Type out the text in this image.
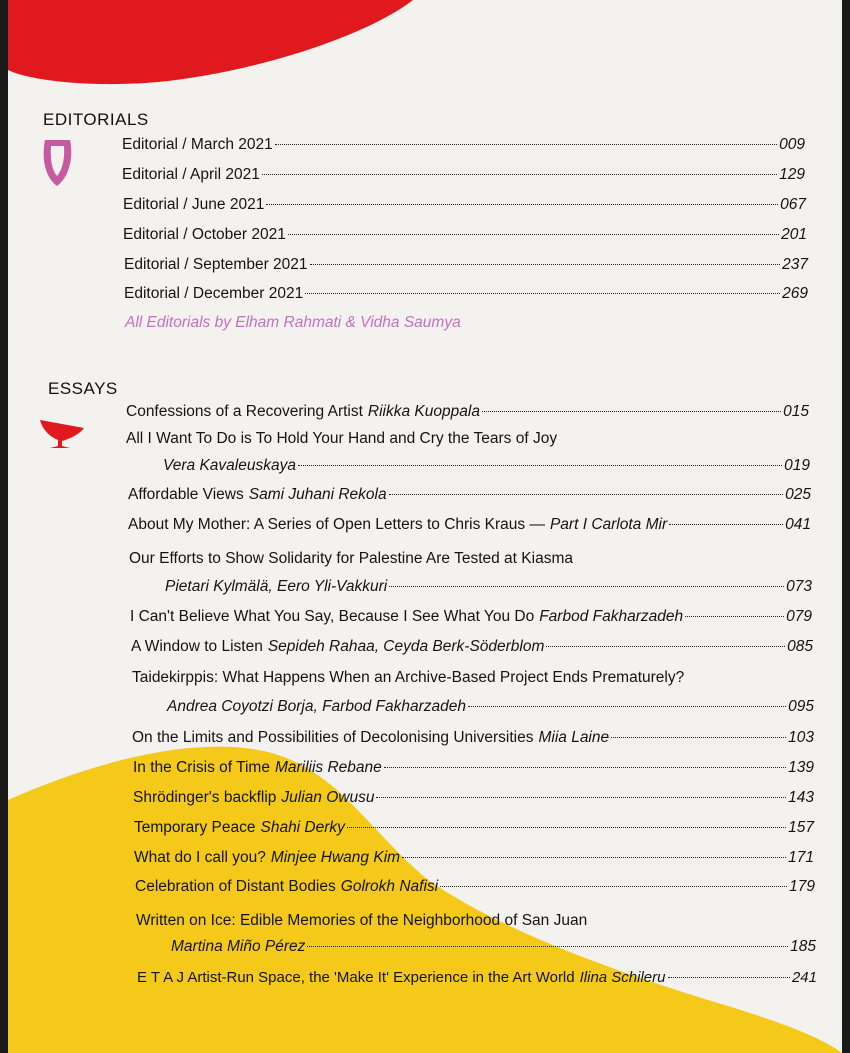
EDITORIALS
Editorial / March 2021	009
Editorial / April 2021	129
Editorial / June 2021	067
Editorial / October 2021	201
Editorial / September 2021	237
Editorial / December 2021	269
All Editorials by Elham Rahmati & Vidha Saumya
ESSAYS
Confessions of a Recovering Artist Riikka Kuoppala	015
All I Want To Do is To Hold Your Hand and Cry the Tears of Joy
Vera Kavaleuskaya	019
Affordable Views Sami Juhani Rekola	025
About My Mother: A Series of Open Letters to Chris Kraus — Part I Carlota Mir	041
Our Efforts to Show Solidarity for Palestine Are Tested at Kiasma
Pietari Kylmälä, Eero Yli-Vakkuri	073
I Can't Believe What You Say, Because I See What You Do Farbod Fakharzadeh	079
A Window to Listen Sepideh Rahaa, Ceyda Berk-Söderblom	085
Taidekirppis: What Happens When an Archive-Based Project Ends Prematurely?
Andrea Coyotzi Borja, Farbod Fakharzadeh	095
On the Limits and Possibilities of Decolonising Universities Miia Laine	103
In the Crisis of Time Mariliis Rebane	139
Shrödinger's backflip Julian Owusu	143
Temporary Peace Shahi Derky	157
What do I call you? Minjee Hwang Kim	171
Celebration of Distant Bodies Golrokh Nafisi	179
Written on Ice: Edible Memories of the Neighborhood of San Juan
Martina Miño Pérez	185
E T A J Artist-Run Space, the 'Make It' Experience in the Art World Ilina Schileru	241
